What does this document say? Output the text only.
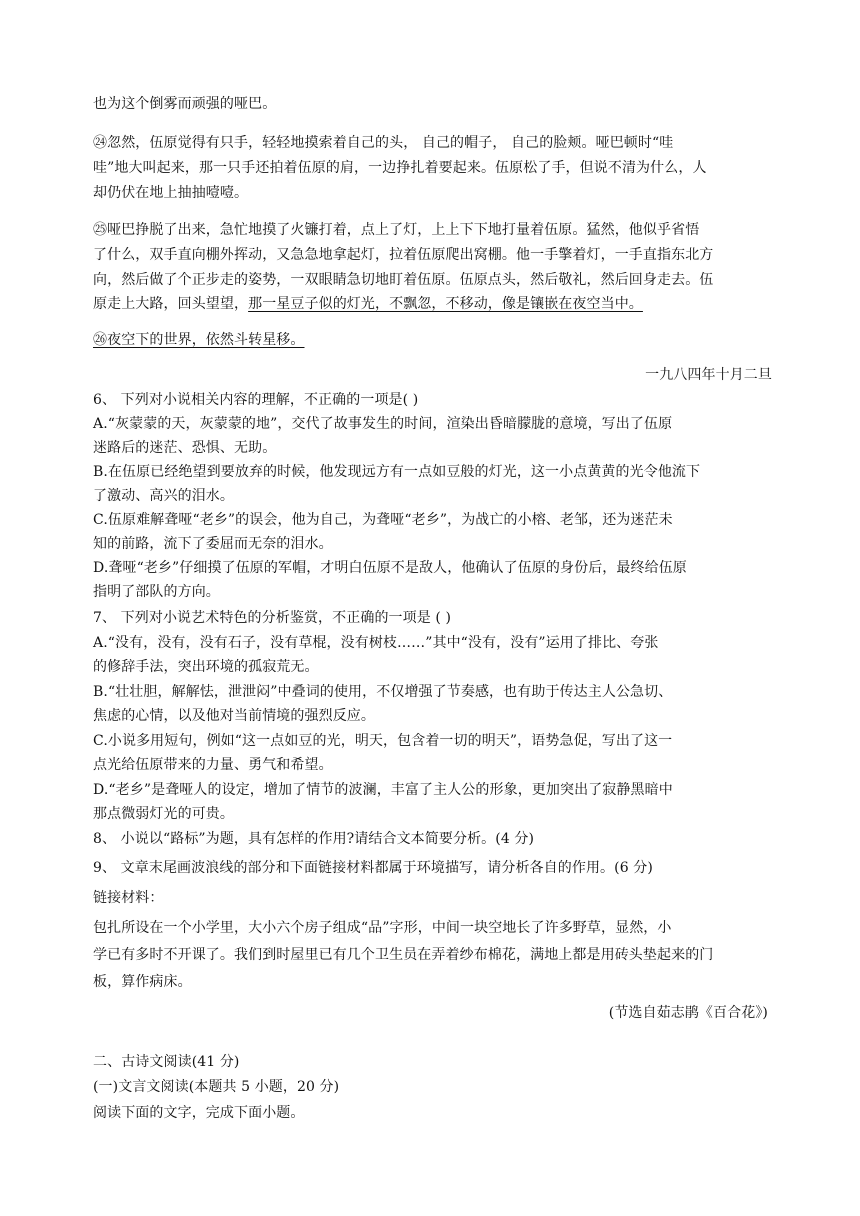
也为这个倒雾而顽强的哑巴。
㉔忽然，伍原觉得有只手，轻轻地摸索着自己的头， 自己的帽子， 自己的脸颊。哑巴顿时“哇
哇”地大叫起来，那一只手还拍着伍原的肩，一边挣扎着要起来。伍原松了手，但说不清为什么，人
却仍伏在地上抽抽噎噎。
㉕哑巴挣脱了出来，急忙地摸了火镰打着，点上了灯，上上下下地打量着伍原。猛然，他似乎省悟
了什么，双手直向棚外挥动，又急急地拿起灯，拉着伍原爬出窝棚。他一手擎着灯，一手直指东北方
向，然后做了个正步走的姿势，一双眼睛急切地盯着伍原。伍原点头，然后敬礼，然后回身走去。伍
原走上大路，回头望望，那一星豆子似的灯光，不飘忽，不移动，像是镶嵌在夜空当中。
㉖夜空下的世界，依然斗转星移。
一九八四年十月二旦
6、 下列对小说相关内容的理解，不正确的一项是( )
A.“灰蒙蒙的天，灰蒙蒙的地”，交代了故事发生的时间，渲染出昏暗朦胧的意境，写出了伍原
迷路后的迷茫、恐惧、无助。
B.在伍原已经绝望到要放弃的时候，他发现远方有一点如豆般的灯光，这一小点黄黄的光令他流下
了激动、高兴的泪水。
C.伍原难解聋哑“老乡”的误会，他为自己，为聋哑“老乡”，为战亡的小榕、老邹，还为迷茫未
知的前路，流下了委屈而无奈的泪水。
D.聋哑“老乡”仔细摸了伍原的军帽，才明白伍原不是敌人，他确认了伍原的身份后，最终给伍原
指明了部队的方向。
7、 下列对小说艺术特色的分析鉴赏，不正确的一项是 ( )
A.“没有，没有，没有石子，没有草棍，没有树枝……”其中“没有，没有”运用了排比、夸张
的修辞手法，突出环境的孤寂荒无。
B.“壮壮胆，解解怯，泄泄闷”中叠词的使用，不仅增强了节奏感，也有助于传达主人公急切、
焦虑的心情，以及他对当前情境的强烈反应。
C.小说多用短句，例如“这一点如豆的光，明天，包含着一切的明天”，语势急促，写出了这一
点光给伍原带来的力量、勇气和希望。
D.“老乡”是聋哑人的设定，增加了情节的波澜，丰富了主人公的形象，更加突出了寂静黑暗中
那点微弱灯光的可贵。
8、 小说以“路标”为题，具有怎样的作用?请结合文本简要分析。(4 分)
9、 文章末尾画波浪线的部分和下面链接材料都属于环境描写，请分析各自的作用。(6 分)
链接材料：
包扎所设在一个小学里，大小六个房子组成“品”字形，中间一块空地长了许多野草，显然，小
学已有多时不开课了。我们到时屋里已有几个卫生员在弄着纱布棉花，满地上都是用砖头垫起来的门
板，算作病床。
(节选自茹志鹃《百合花》)
二、古诗文阅读(41 分)
(一)文言文阅读(本题共 5 小题，20 分)
阅读下面的文字，完成下面小题。
